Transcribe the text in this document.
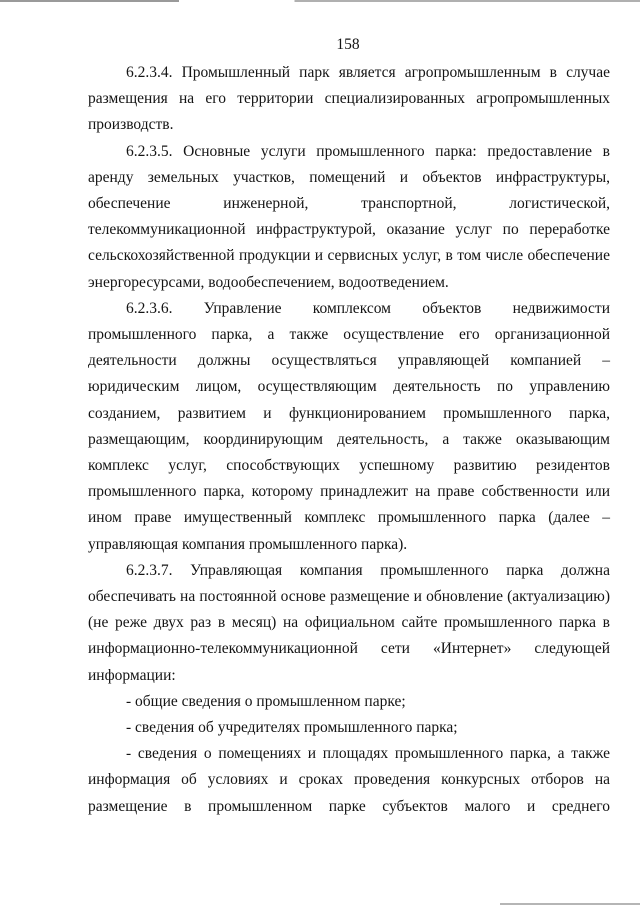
158

6.2.3.4. Промышленный парк является агропромышленным в случае размещения на его территории специализированных агропромышленных производств.

6.2.3.5. Основные услуги промышленного парка: предоставление в аренду земельных участков, помещений и объектов инфраструктуры, обеспечение инженерной, транспортной, логистической, телекоммуникационной инфраструктурой, оказание услуг по переработке сельскохозяйственной продукции и сервисных услуг, в том числе обеспечение энергоресурсами, водообеспечением, водоотведением.

6.2.3.6. Управление комплексом объектов недвижимости промышленного парка, а также осуществление его организационной деятельности должны осуществляться управляющей компанией – юридическим лицом, осуществляющим деятельность по управлению созданием, развитием и функционированием промышленного парка, размещающим, координирующим деятельность, а также оказывающим комплекс услуг, способствующих успешному развитию резидентов промышленного парка, которому принадлежит на праве собственности или ином праве имущественный комплекс промышленного парка (далее – управляющая компания промышленного парка).

6.2.3.7. Управляющая компания промышленного парка должна обеспечивать на постоянной основе размещение и обновление (актуализацию) (не реже двух раз в месяц) на официальном сайте промышленного парка в информационно-телекоммуникационной сети «Интернет» следующей информации:

- общие сведения о промышленном парке;

- сведения об учредителях промышленного парка;

- сведения о помещениях и площадях промышленного парка, а также информация об условиях и сроках проведения конкурсных отборов на размещение в промышленном парке субъектов малого и среднего
